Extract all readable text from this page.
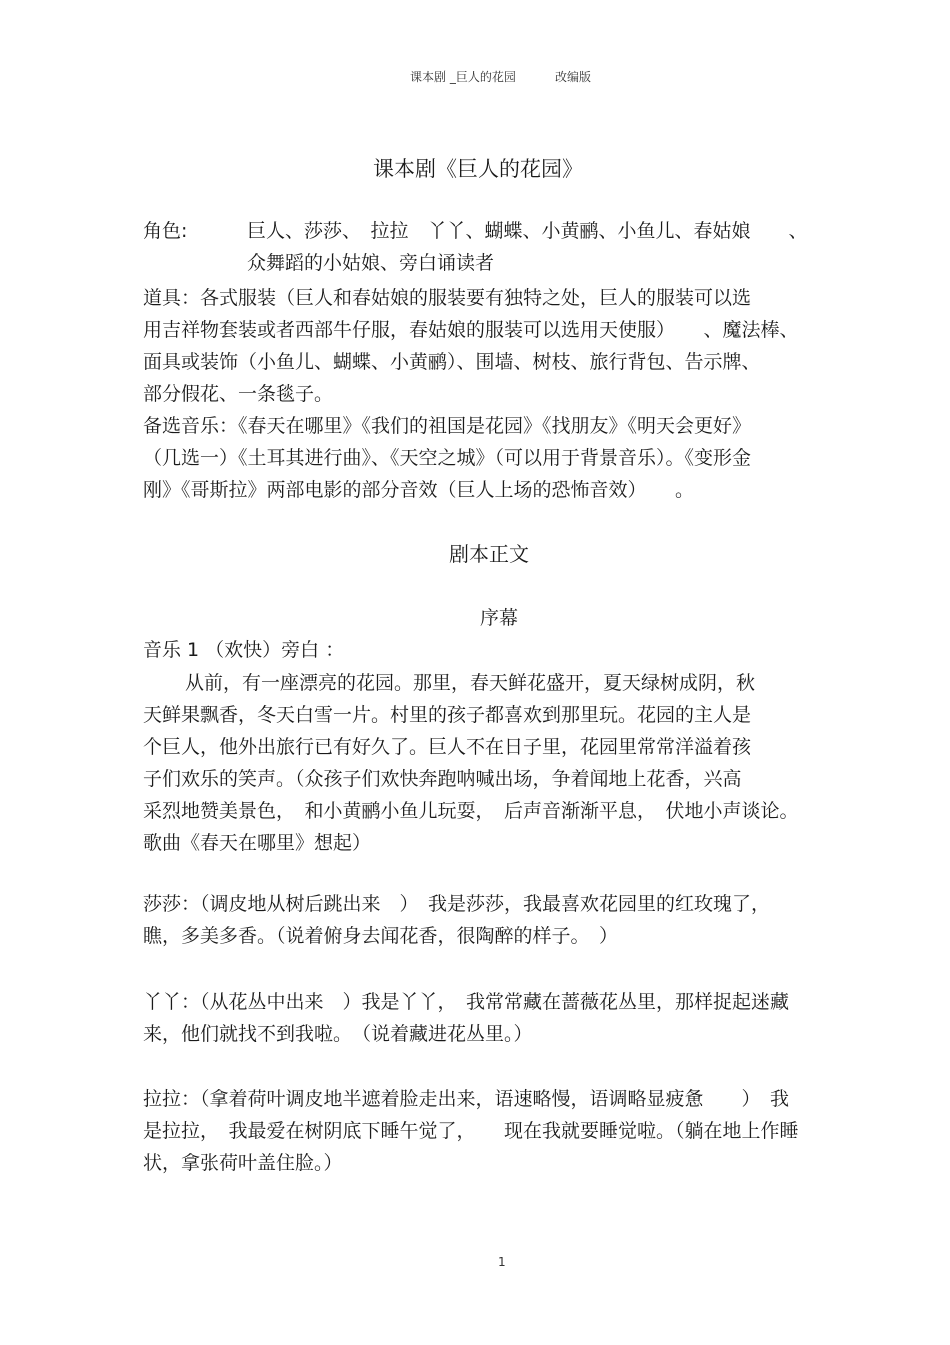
课本剧 _巨人的花园	改编版
课本剧《巨人的花园》
角色:	巨人、莎莎、　拉拉　丫丫、蝴蝶、小黄鹂、小鱼儿、春姑娘　　、
众舞蹈的小姑娘、旁白诵读者
道具：各式服装（巨人和春姑娘的服装要有独特之处，巨人的服装可以选
用吉祥物套装或者西部牛仔服，春姑娘的服装可以选用天使服）　　、魔法棒、
面具或装饰（小鱼儿、蝴蝶、小黄鹂）、围墙、树枝、旅行背包、告示牌、
部分假花、一条毯子。
备选音乐：《春天在哪里》《我们的祖国是花园》《找朋友》《明天会更好》
（几选一）《土耳其进行曲》、《天空之城》（可以用于背景音乐）。《变形金
刚》《哥斯拉》两部电影的部分音效（巨人上场的恐怖音效）　　。
剧本正文
序幕
音乐 1 （欢快）旁白 ：
从前，有一座漂亮的花园。那里，春天鲜花盛开，夏天绿树成阴，秋
天鲜果飘香，冬天白雪一片。村里的孩子都喜欢到那里玩。花园的主人是
个巨人，他外出旅行已有好久了。巨人不在日子里，花园里常常洋溢着孩
子们欢乐的笑声。（众孩子们欢快奔跑呐喊出场，争着闻地上花香，兴高
采烈地赞美景色，　和小黄鹂小鱼儿玩耍，　后声音渐渐平息，　伏地小声谈论。
歌曲《春天在哪里》想起）
莎莎：（调皮地从树后跳出来　）　我是莎莎，我最喜欢花园里的红玫瑰了，
瞧，多美多香。（说着俯身去闻花香，很陶醉的样子。　）
丫丫：（从花丛中出来　）我是丫丫，　我常常藏在蔷薇花丛里，那样捉起迷藏
来，他们就找不到我啦。　（说着藏进花丛里。）
拉拉：（拿着荷叶调皮地半遮着脸走出来，语速略慢，语调略显疲惫　　）　我
是拉拉，　我最爱在树阴底下睡午觉了，　　现在我就要睡觉啦。（躺在地上作睡
状，拿张荷叶盖住脸。）
1
